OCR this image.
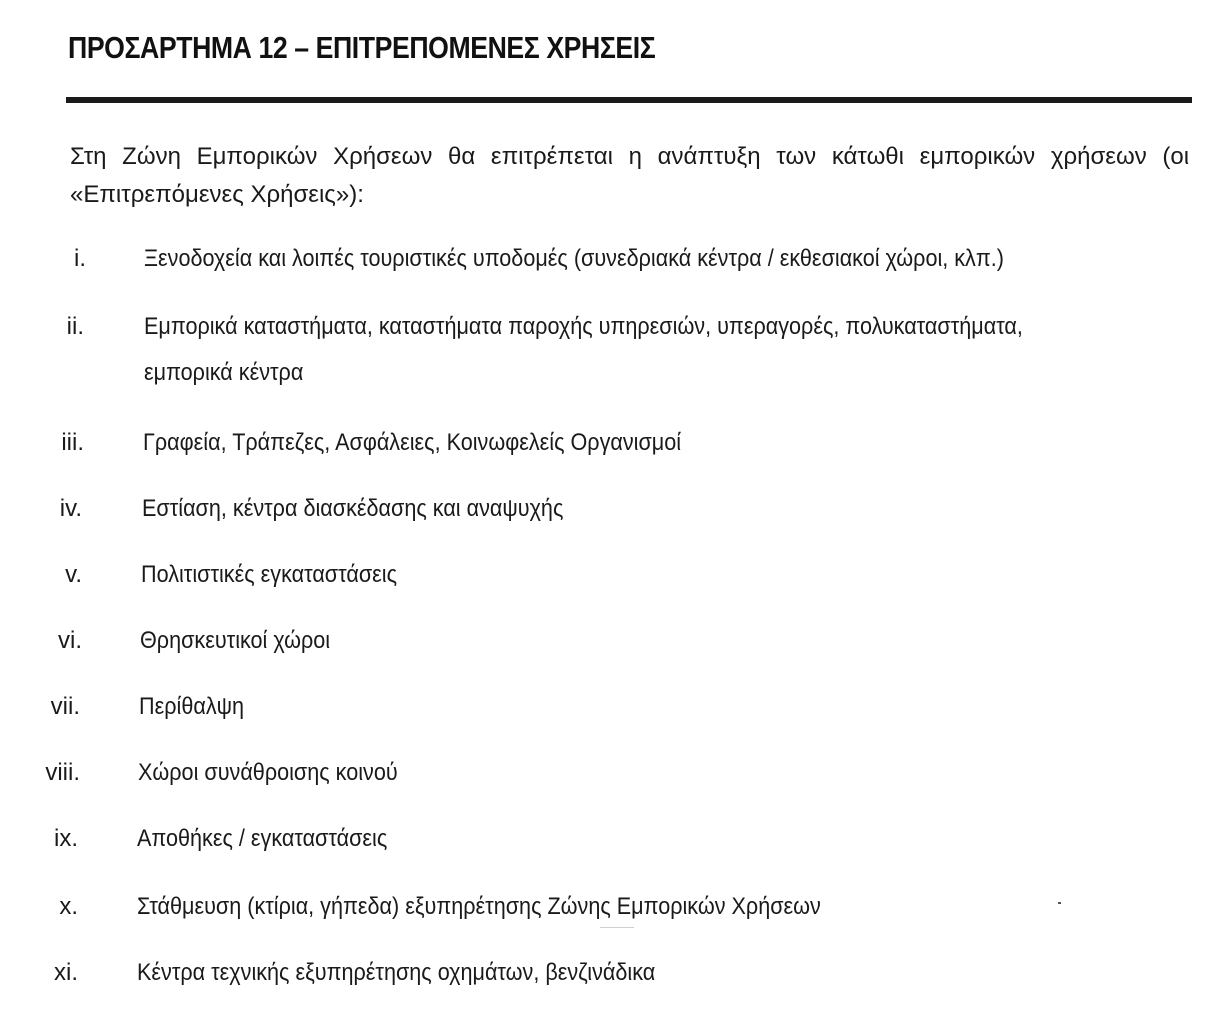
ΠΡΟΣΑΡΤΗΜΑ 12 – ΕΠΙΤΡΕΠΟΜΕΝΕΣ ΧΡΗΣΕΙΣ
Στη Ζώνη Εμπορικών Χρήσεων θα επιτρέπεται η ανάπτυξη των κάτωθι εμπορικών χρήσεων (οι
«Επιτρεπόμενες Χρήσεις»):
i. Ξενοδοχεία και λοιπές τουριστικές υποδομές (συνεδριακά κέντρα / εκθεσιακοί χώροι, κλπ.)
ii.	Εμπορικά καταστήματα, καταστήματα παροχής υπηρεσιών, υπεραγορές, πολυκαταστήματα,
εμπορικά κέντρα
iii. Γραφεία, Τράπεζες, Ασφάλειες, Κοινωφελείς Οργανισμοί
iv.	Εστίαση, κέντρα διασκέδασης και αναψυχής
v. Πολιτιστικές εγκαταστάσεις
vi. Θρησκευτικοί χώροι
vii. Περίθαλψη
viii. Χώροι συνάθροισης κοινού
ix. Αποθήκες / εγκαταστάσεις
x. Στάθμευση (κτίρια, γήπεδα) εξυπηρέτησης Ζώνης Εμπορικών Χρήσεων
xi. Κέντρα τεχνικής εξυπηρέτησης οχημάτων, βενζινάδικα
